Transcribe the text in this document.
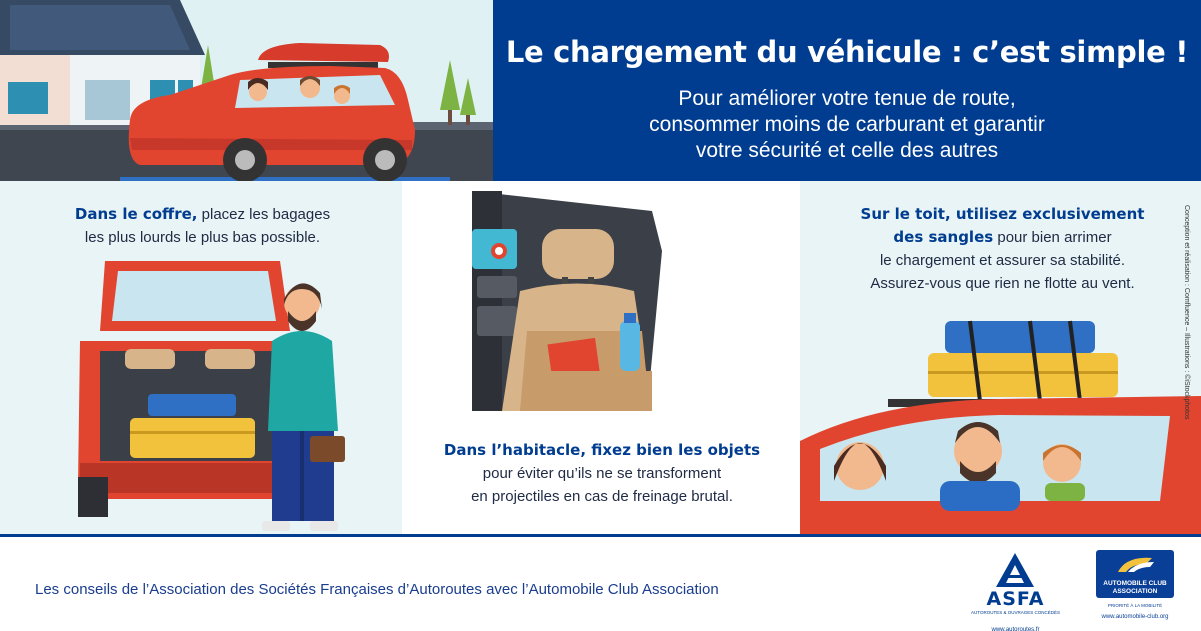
Le chargement du véhicule : c’est simple !
Pour améliorer votre tenue de route,
consommer moins de carburant et garantir
votre sécurité et celle des autres
Dans le coffre, placez les bagages
les plus lourds le plus bas possible.
Dans l’habitacle, fixez bien les objets
pour éviter qu’ils ne se transforment
en projectiles en cas de freinage brutal.
Sur le toit, utilisez exclusivement
des sangles pour bien arrimer
le chargement et assurer sa stabilité.
Assurez-vous que rien ne flotte au vent.	Conception et réalisation : Comfluence – Illustrations : ©iStockphotos
Les conseils de l’Association des Sociétés Françaises d’Autoroutes avec l’Automobile Club Association	ASFA
AUTOROUTES & OUVRAGES CONCÉDÉS
www.autoroutes.fr
AUTOMOBILE CLUB
ASSOCIATION
PRIORITÉ À LA MOBILITÉ
www.automobile-club.org
